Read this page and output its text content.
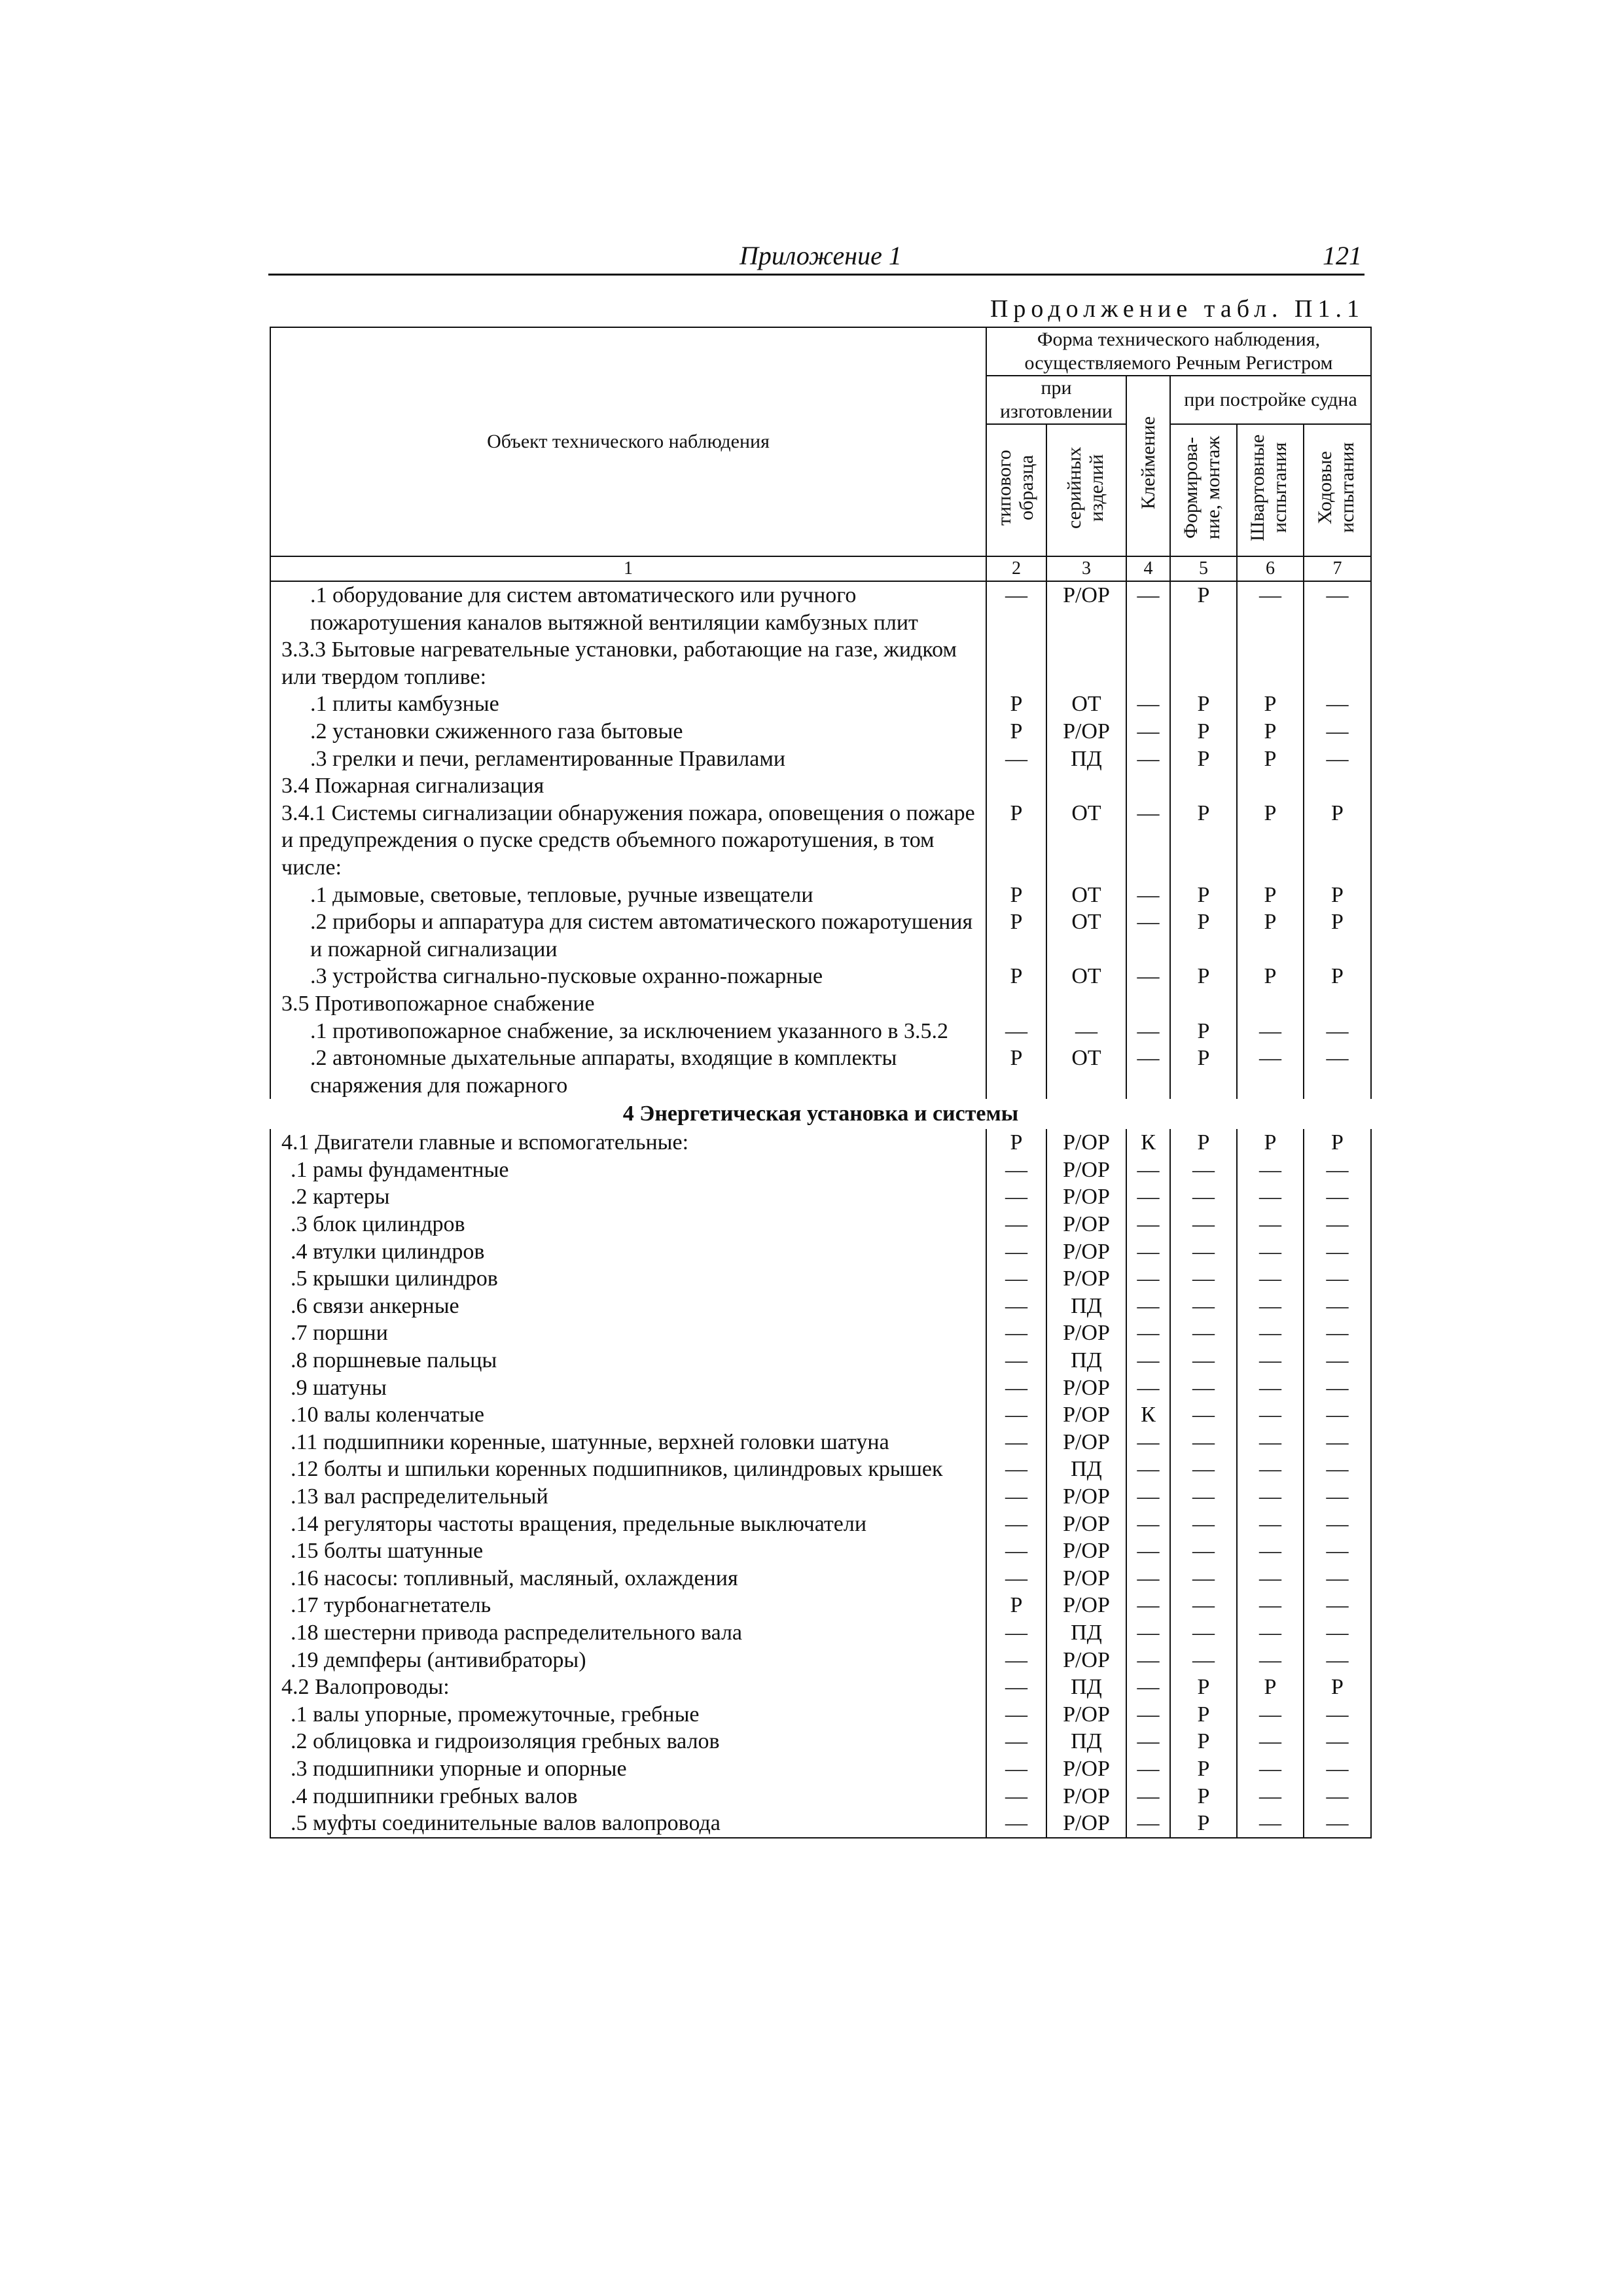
Приложение 1	121
Продолжение табл. П1.1
Объект технического наблюдения	Форма технического наблюдения, осуществляемого Речным Регистром					
	при изготовлении		Клеймение	при постройке судна		
	типового образца	серийных изделий		Формирова-ние, монтаж	Швартовные испытания	Ходовые испытания
1	2	3	4	5	6	7
.1 оборудование для систем автоматического или ручного пожаротушения каналов вытяжной вентиляции камбузных плит	—	Р/ОР	—	Р	—	—
3.3.3 Бытовые нагревательные установки, работающие на газе, жидком или твердом топливе:						
.1 плиты камбузные	Р	ОТ	—	Р	Р	—
.2 установки сжиженного газа бытовые	Р	Р/ОР	—	Р	Р	—
.3 грелки и печи, регламентированные Правилами	—	ПД	—	Р	Р	—
3.4 Пожарная сигнализация						
3.4.1 Системы сигнализации обнаружения пожара, оповещения о пожаре и предупреждения о пуске средств объемного пожаротушения, в том числе:	Р	ОТ	—	Р	Р	Р
.1 дымовые, световые, тепловые, ручные извещатели	Р	ОТ	—	Р	Р	Р
.2 приборы и аппаратура для систем автоматического пожаротушения и пожарной сигнализации	Р	ОТ	—	Р	Р	Р
.3 устройства сигнально-пусковые охранно-пожарные	Р	ОТ	—	Р	Р	Р
3.5 Противопожарное снабжение						
.1 противопожарное снабжение, за исключением указанного в 3.5.2	—	—	—	Р	—	—
.2 автономные дыхательные аппараты, входящие в комплекты снаряжения для пожарного	Р	ОТ	—	Р	—	—
4 Энергетическая установка и системы						
4.1 Двигатели главные и вспомогательные:	Р	Р/ОР	К	Р	Р	Р
.1 рамы фундаментные	—	Р/ОР	—	—	—	—
.2 картеры	—	Р/ОР	—	—	—	—
.3 блок цилиндров	—	Р/ОР	—	—	—	—
.4 втулки цилиндров	—	Р/ОР	—	—	—	—
.5 крышки цилиндров	—	Р/ОР	—	—	—	—
.6 связи анкерные	—	ПД	—	—	—	—
.7 поршни	—	Р/ОР	—	—	—	—
.8 поршневые пальцы	—	ПД	—	—	—	—
.9 шатуны	—	Р/ОР	—	—	—	—
.10 валы коленчатые	—	Р/ОР	К	—	—	—
.11 подшипники коренные, шатунные, верхней головки шатуна	—	Р/ОР	—	—	—	—
.12 болты и шпильки коренных подшипников, цилиндровых крышек	—	ПД	—	—	—	—
.13 вал распределительный	—	Р/ОР	—	—	—	—
.14 регуляторы частоты вращения, предельные выключатели	—	Р/ОР	—	—	—	—
.15 болты шатунные	—	Р/ОР	—	—	—	—
.16 насосы: топливный, масляный, охлаждения	—	Р/ОР	—	—	—	—
.17 турбонагнетатель	Р	Р/ОР	—	—	—	—
.18 шестерни привода распределительного вала	—	ПД	—	—	—	—
.19 демпферы (антивибраторы)	—	Р/ОР	—	—	—	—
4.2 Валопроводы:	—	ПД	—	Р	Р	Р
.1 валы упорные, промежуточные, гребные	—	Р/ОР	—	Р	—	—
.2 облицовка и гидроизоляция гребных валов	—	ПД	—	Р	—	—
.3 подшипники упорные и опорные	—	Р/ОР	—	Р	—	—
.4 подшипники гребных валов	—	Р/ОР	—	Р	—	—
.5 муфты соединительные валов валопровода	—	Р/ОР	—	Р	—	—
